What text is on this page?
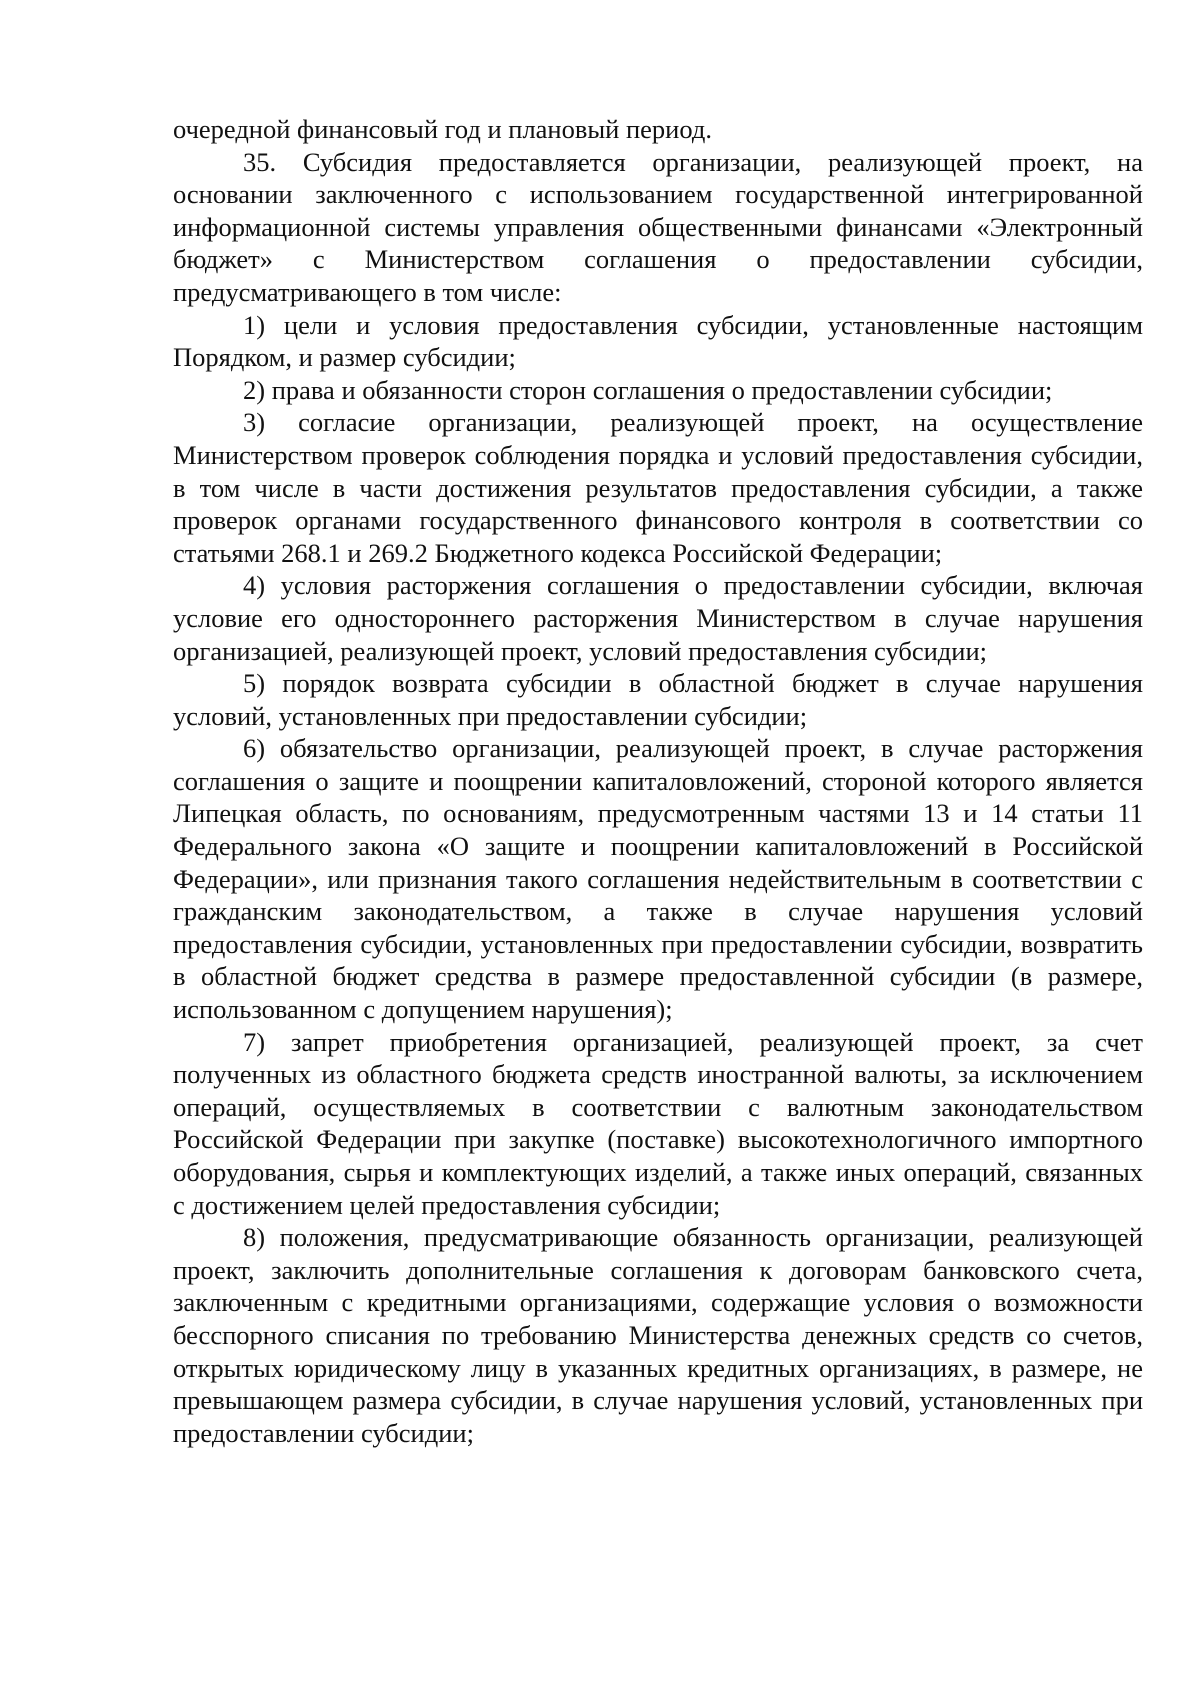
очередной финансовый год и плановый период.

35. Субсидия предоставляется организации, реализующей проект, на основании заключенного с использованием государственной интегрированной информационной системы управления общественными финансами «Электронный бюджет» с Министерством соглашения о предоставлении субсидии, предусматривающего в том числе:

1) цели и условия предоставления субсидии, установленные настоящим Порядком, и размер субсидии;

2) права и обязанности сторон соглашения о предоставлении субсидии;

3) согласие организации, реализующей проект, на осуществление Министерством проверок соблюдения порядка и условий предоставления субсидии, в том числе в части достижения результатов предоставления субсидии, а также проверок органами государственного финансового контроля в соответствии со статьями 268.1 и 269.2 Бюджетного кодекса Российской Федерации;

4) условия расторжения соглашения о предоставлении субсидии, включая условие его одностороннего расторжения Министерством в случае нарушения организацией, реализующей проект, условий предоставления субсидии;

5) порядок возврата субсидии в областной бюджет в случае нарушения условий, установленных при предоставлении субсидии;

6) обязательство организации, реализующей проект, в случае расторжения соглашения о защите и поощрении капиталовложений, стороной которого является Липецкая область, по основаниям, предусмотренным частями 13 и 14 статьи 11 Федерального закона «О защите и поощрении капиталовложений в Российской Федерации», или признания такого соглашения недействительным в соответствии с гражданским законодательством, а также в случае нарушения условий предоставления субсидии, установленных при предоставлении субсидии, возвратить в областной бюджет средства в размере предоставленной субсидии (в размере, использованном с допущением нарушения);

7) запрет приобретения организацией, реализующей проект, за счет полученных из областного бюджета средств иностранной валюты, за исключением операций, осуществляемых в соответствии с валютным законодательством Российской Федерации при закупке (поставке) высокотехнологичного импортного оборудования, сырья и комплектующих изделий, а также иных операций, связанных с достижением целей предоставления субсидии;

8) положения, предусматривающие обязанность организации, реализующей проект, заключить дополнительные соглашения к договорам банковского счета, заключенным с кредитными организациями, содержащие условия о возможности бесспорного списания по требованию Министерства денежных средств со счетов, открытых юридическому лицу в указанных кредитных организациях, в размере, не превышающем размера субсидии, в случае нарушения условий, установленных при предоставлении субсидии;
